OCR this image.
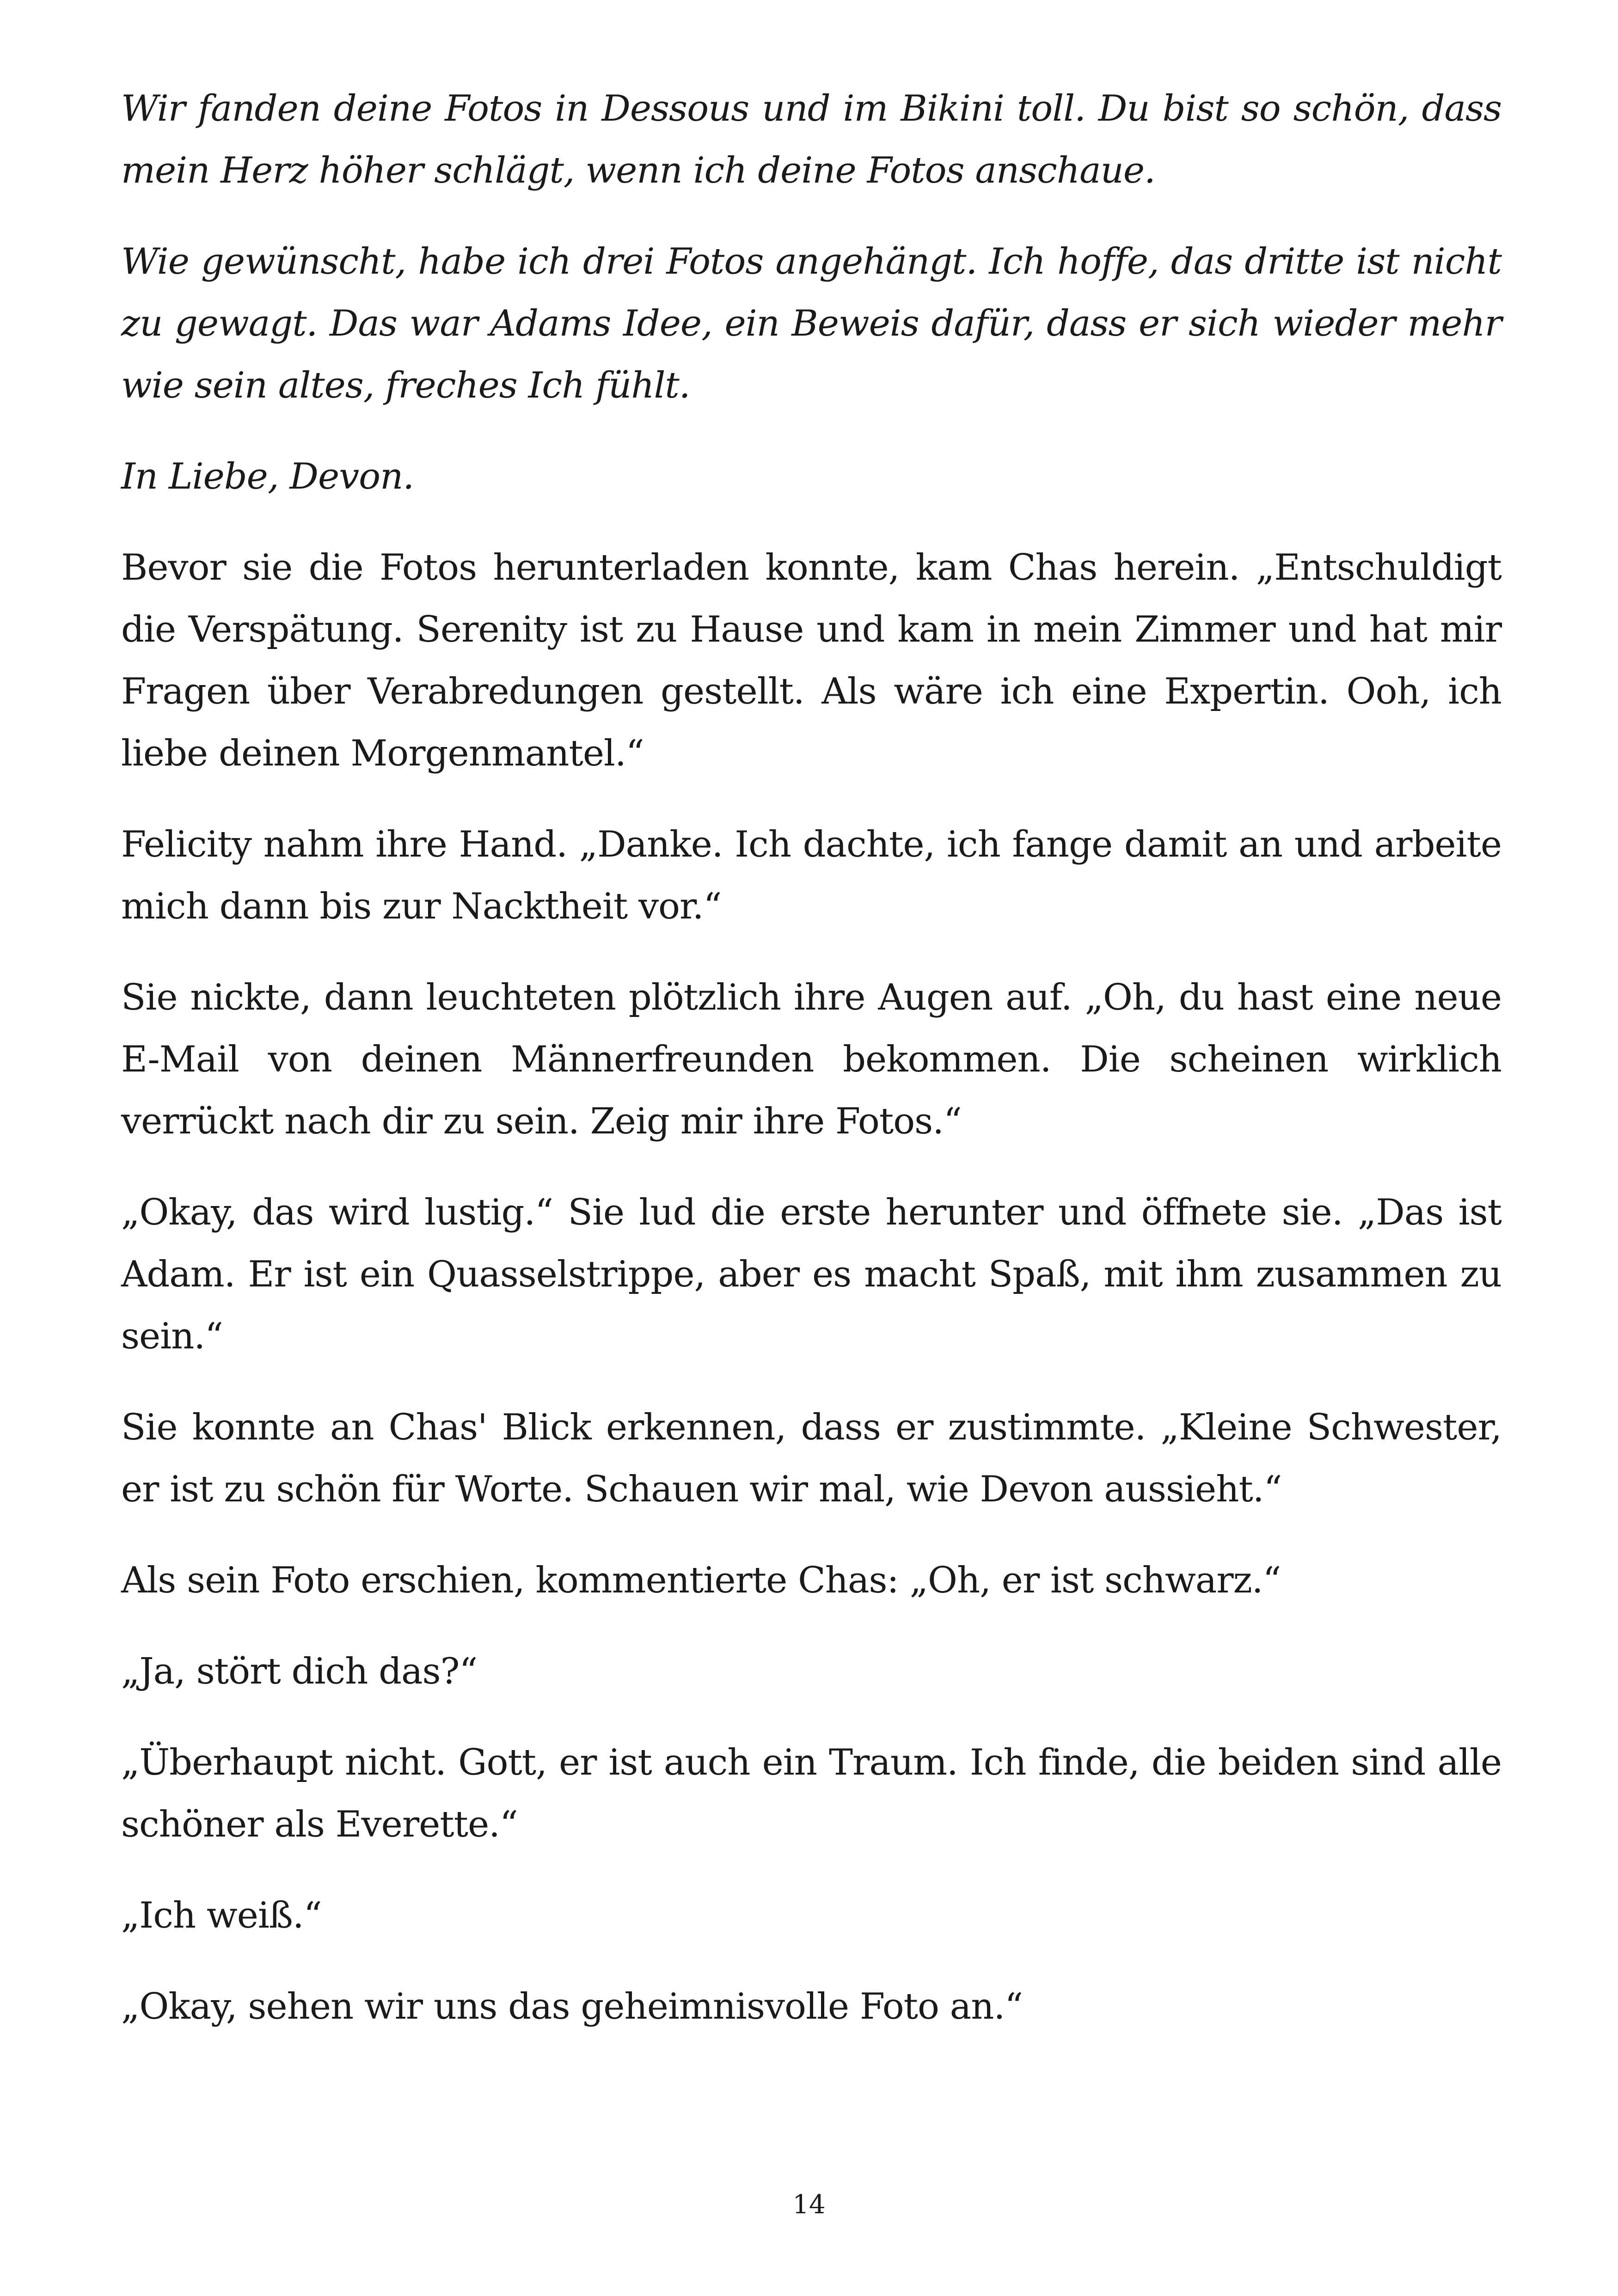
Wir fanden deine Fotos in Dessous und im Bikini toll. Du bist so schön, dass mein Herz höher schlägt, wenn ich deine Fotos anschaue.

Wie gewünscht, habe ich drei Fotos angehängt. Ich hoffe, das dritte ist nicht zu gewagt. Das war Adams Idee, ein Beweis dafür, dass er sich wieder mehr wie sein altes, freches Ich fühlt.

In Liebe, Devon.

Bevor sie die Fotos herunterladen konnte, kam Chas herein. „Entschuldigt die Verspätung. Serenity ist zu Hause und kam in mein Zimmer und hat mir Fragen über Verabredungen gestellt. Als wäre ich eine Expertin. Ooh, ich liebe deinen Morgenmantel.“

Felicity nahm ihre Hand. „Danke. Ich dachte, ich fange damit an und arbeite mich dann bis zur Nacktheit vor.“

Sie nickte, dann leuchteten plötzlich ihre Augen auf. „Oh, du hast eine neue E-Mail von deinen Männerfreunden bekommen. Die scheinen wirklich verrückt nach dir zu sein. Zeig mir ihre Fotos.“

„Okay, das wird lustig.“ Sie lud die erste herunter und öffnete sie. „Das ist Adam. Er ist ein Quasselstrippe, aber es macht Spaß, mit ihm zusammen zu sein.“

Sie konnte an Chas' Blick erkennen, dass er zustimmte. „Kleine Schwester, er ist zu schön für Worte. Schauen wir mal, wie Devon aussieht.“

Als sein Foto erschien, kommentierte Chas: „Oh, er ist schwarz.“

„Ja, stört dich das?“

„Überhaupt nicht. Gott, er ist auch ein Traum. Ich finde, die beiden sind alle schöner als Everette.“

„Ich weiß.“

„Okay, sehen wir uns das geheimnisvolle Foto an.“

14
